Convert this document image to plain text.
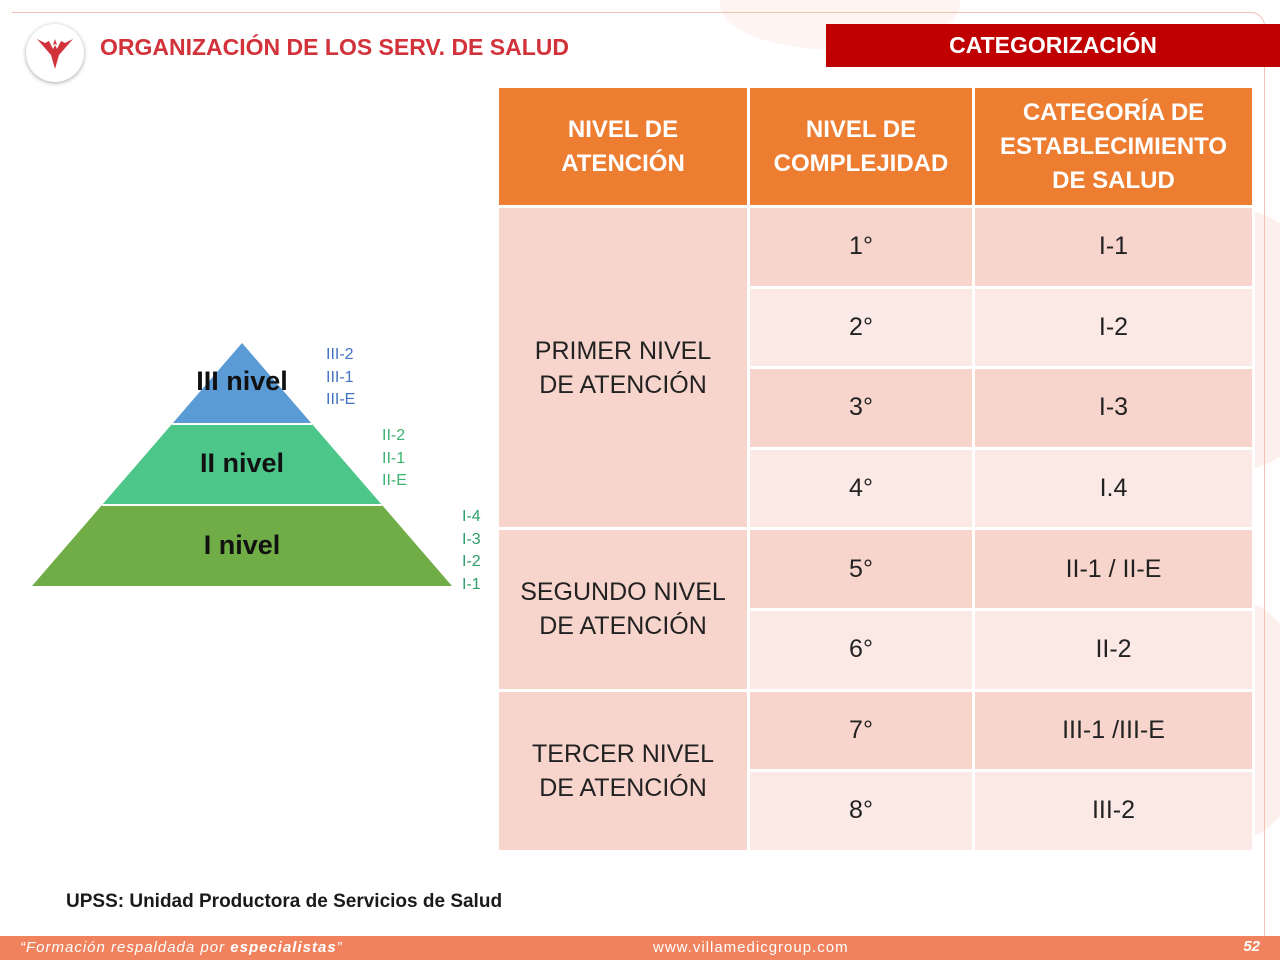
ORGANIZACIÓN DE LOS SERV. DE SALUD	CATEGORIZACIÓN
III nivel
II nivel
I nivel
III-2
III-1
III-E
II-2
II-1
II-E
I-4
I-3
I-2
I-1
NIVEL DE ATENCIÓN	NIVEL DE COMPLEJIDAD	CATEGORÍA DE ESTABLECIMIENTO DE SALUD
PRIMER NIVEL DE ATENCIÓN	1°	I-1
	2°	I-2
	3°	I-3
	4°	I.4
SEGUNDO NIVEL DE ATENCIÓN	5°	II-1 / II-E
	6°	II-2
TERCER NIVEL DE ATENCIÓN	7°	III-1 /III-E
	8°	III-2
UPSS: Unidad Productora de Servicios de Salud
“Formación respaldada por especialistas”	www.villamedicgroup.com	52
